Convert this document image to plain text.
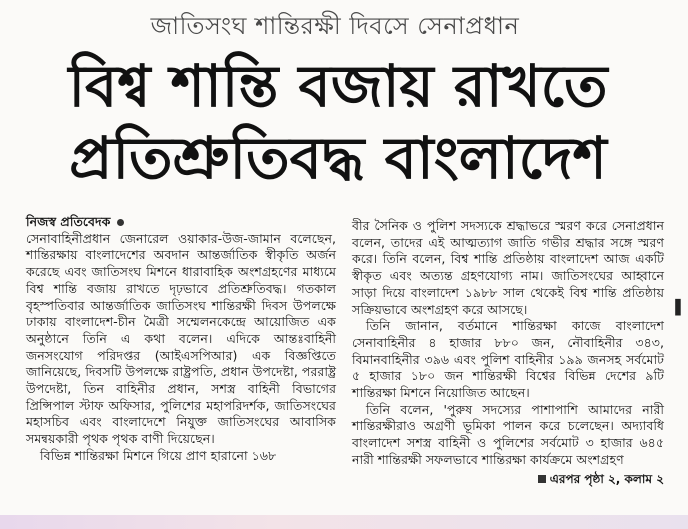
জাতিসংঘ শান্তিরক্ষী দিবসে সেনাপ্রধান
বিশ্ব শান্তি বজায় রাখতে
প্রতিশ্রুতিবদ্ধ বাংলাদেশ

নিজস্ব প্রতিবেদক

সেনাবাহিনীপ্রধান জেনারেল ওয়াকার-উজ-জামান বলেছেন, শান্তিরক্ষায় বাংলাদেশের অবদান আন্তর্জাতিক স্বীকৃতি অর্জন করেছে এবং জাতিসংঘ মিশনে ধারাবাহিক অংশগ্রহণের মাধ্যমে বিশ্ব শান্তি বজায় রাখতে দৃঢ়ভাবে প্রতিশ্রুতিবদ্ধ। গতকাল বৃহস্পতিবার আন্তর্জাতিক জাতিসংঘ শান্তিরক্ষী দিবস উপলক্ষে ঢাকায় বাংলাদেশ-চীন মৈত্রী সম্মেলনকেন্দ্রে আয়োজিত এক অনুষ্ঠানে তিনি এ কথা বলেন। এদিকে আন্তঃবাহিনী জনসংযোগ পরিদপ্তর (আইএসপিআর) এক বিজ্ঞপ্তিতে জানিয়েছে, দিবসটি উপলক্ষে রাষ্ট্রপতি, প্রধান উপদেষ্টা, পররাষ্ট্র উপদেষ্টা, তিন বাহিনীর প্রধান, সশস্ত্র বাহিনী বিভাগের প্রিন্সিপাল স্টাফ অফিসার, পুলিশের মহাপরিদর্শক, জাতিসংঘের মহাসচিব এবং বাংলাদেশে নিযুক্ত জাতিসংঘের আবাসিক সমন্বয়কারী পৃথক পৃথক বাণী দিয়েছেন।

বিভিন্ন শান্তিরক্ষা মিশনে গিয়ে প্রাণ হারানো ১৬৮

বীর সৈনিক ও পুলিশ সদস্যকে শ্রদ্ধাভরে স্মরণ করে সেনাপ্রধান বলেন, তাদের এই আত্মত্যাগ জাতি গভীর শ্রদ্ধার সঙ্গে স্মরণ করে। তিনি বলেন, বিশ্ব শান্তি প্রতিষ্ঠায় বাংলাদেশ আজ একটি স্বীকৃত এবং অত্যন্ত গ্রহণযোগ্য নাম। জাতিসংঘের আহ্বানে সাড়া দিয়ে বাংলাদেশ ১৯৮৮ সাল থেকেই বিশ্ব শান্তি প্রতিষ্ঠায় সক্রিয়ভাবে অংশগ্রহণ করে আসছে।

তিনি জানান, বর্তমানে শান্তিরক্ষা কাজে বাংলাদেশ সেনাবাহিনীর ৪ হাজার ৮৮০ জন, নৌবাহিনীর ৩৪৩, বিমানবাহিনীর ৩৯৬ এবং পুলিশ বাহিনীর ১৯৯ জনসহ সর্বমোট ৫ হাজার ১৮০ জন শান্তিরক্ষী বিশ্বের বিভিন্ন দেশের ৯টি শান্তিরক্ষা মিশনে নিয়োজিত আছেন।

তিনি বলেন, 'পুরুষ সদস্যের পাশাপাশি আমাদের নারী শান্তিরক্ষীরাও অগ্রণী ভূমিকা পালন করে চলেছেন। অদ্যাবধি বাংলাদেশ সশস্ত্র বাহিনী ও পুলিশের সর্বমোট ৩ হাজার ৬৪৫ নারী শান্তিরক্ষী সফলভাবে শান্তিরক্ষা কার্যক্রমে অংশগ্রহণ

এরপর পৃষ্ঠা ২, কলাম ২
▌
